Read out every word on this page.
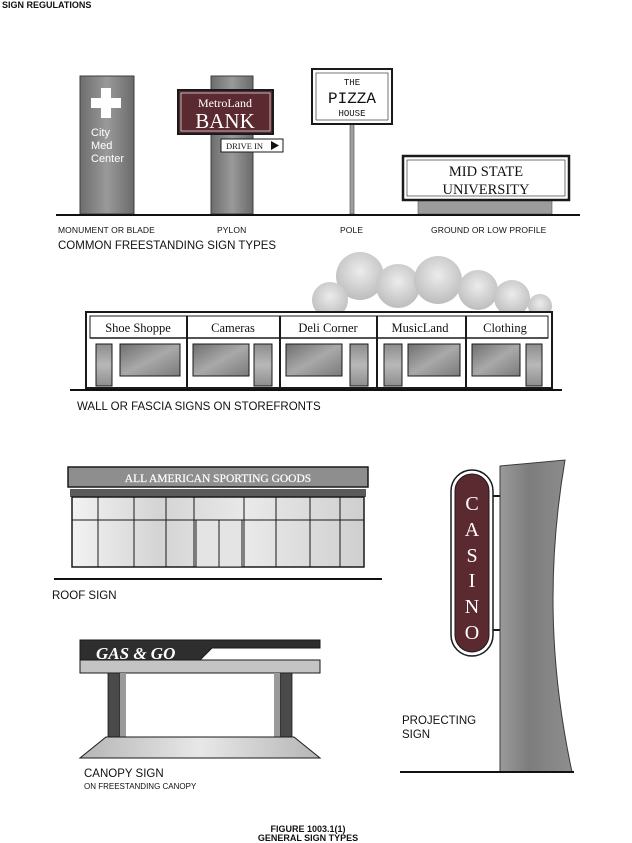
SIGN REGULATIONS
City
Med
Center
MetroLand
BANK
DRIVE IN
THE
PIZZA
HOUSE
MID STATE
UNIVERSITY
Shoe Shoppe	Cameras	Deli Corner	MusicLand	Clothing
ALL AMERICAN SPORTING GOODS
C
A
S
I
N
O
GAS & GO
MONUMENT OR BLADE	PYLON	POLE	GROUND OR LOW PROFILE
COMMON FREESTANDING SIGN TYPES
WALL OR FASCIA SIGNS ON STOREFRONTS
ROOF SIGN
PROJECTING
SIGN
CANOPY SIGN
ON FREESTANDING CANOPY
FIGURE 1003.1(1)
GENERAL SIGN TYPES
